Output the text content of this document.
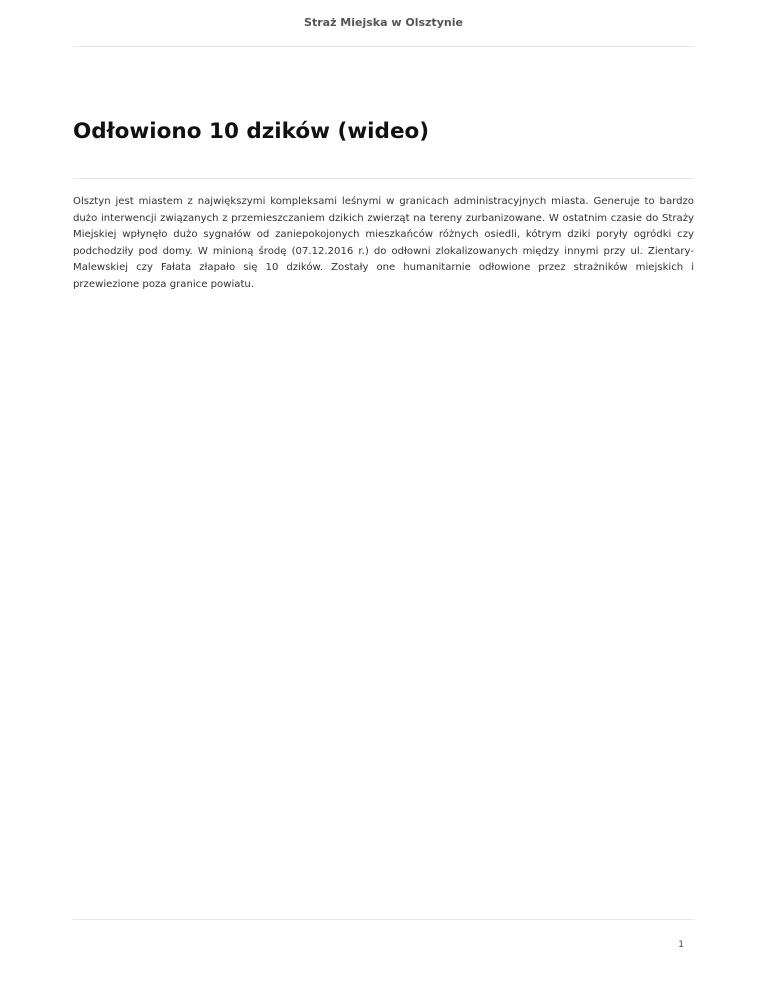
Straż Miejska w Olsztynie
Odłowiono 10 dzików (wideo)

Olsztyn jest miastem z największymi kompleksami leśnymi w granicach administracyjnych miasta. Generuje to bardzo dużo interwencji związanych z przemieszczaniem dzikich zwierząt na tereny zurbanizowane. W ostatnim czasie do Straży Miejskiej wpłynęło dużo sygnałów od zaniepokojonych mieszkańców różnych osiedli, kótrym dziki poryły ogródki czy podchodziły pod domy. W minioną środę (07.12.2016 r.) do odłowni zlokalizowanych między innymi przy ul. Zientary- Malewskiej czy Fałata złapało się 10 dzików. Zostały one humanitarnie odłowione przez strażników miejskich i przewiezione poza granice powiatu.

1
